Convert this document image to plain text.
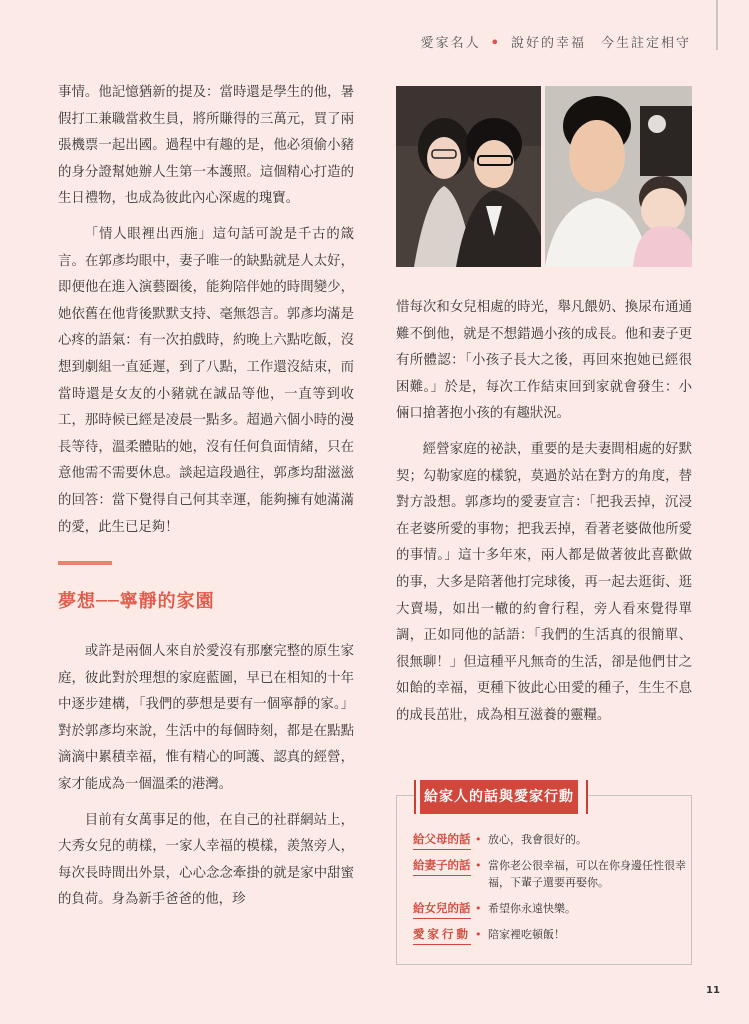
愛家名人 • 說好的幸福　今生註定相守

事情。他記憶猶新的提及：當時還是學生的他，暑假打工兼職當救生員，將所賺得的三萬元，買了兩張機票一起出國。過程中有趣的是，他必須偷小豬的身分證幫她辦人生第一本護照。這個精心打造的生日禮物，也成為彼此內心深處的瑰寶。

「情人眼裡出西施」這句話可說是千古的箴言。在郭彥均眼中，妻子唯一的缺點就是人太好，即便他在進入演藝圈後，能夠陪伴她的時間變少，她依舊在他背後默默支持、毫無怨言。郭彥均滿是心疼的語氣：有一次拍戲時，約晚上六點吃飯，沒想到劇組一直延遲，到了八點，工作還沒結束，而當時還是女友的小豬就在誠品等他，一直等到收工，那時候已經是凌晨一點多。超過六個小時的漫長等待，溫柔體貼的她，沒有任何負面情緒，只在意他需不需要休息。談起這段過往，郭彥均甜滋滋的回答：當下覺得自己何其幸運，能夠擁有她滿滿的愛，此生已足夠！

夢想──寧靜的家園

或許是兩個人來自於愛沒有那麼完整的原生家庭，彼此對於理想的家庭藍圖，早已在相知的十年中逐步建構，「我們的夢想是要有一個寧靜的家。」對於郭彥均來說，生活中的每個時刻，都是在點點滴滴中累積幸福，惟有精心的呵護、認真的經營，家才能成為一個溫柔的港灣。

目前有女萬事足的他，在自己的社群網站上，大秀女兒的萌樣，一家人幸福的模樣，羨煞旁人，每次長時間出外景，心心念念牽掛的就是家中甜蜜的負荷。身為新手爸爸的他，珍

惜每次和女兒相處的時光，舉凡餵奶、換尿布通通難不倒他，就是不想錯過小孩的成長。他和妻子更有所體認：「小孩子長大之後，再回來抱她已經很困難。」於是，每次工作結束回到家就會發生：小倆口搶著抱小孩的有趣狀況。

經營家庭的祕訣，重要的是夫妻間相處的好默契；勾勒家庭的樣貌，莫過於站在對方的角度，替對方設想。郭彥均的愛妻宣言：「把我丟掉，沉浸在老婆所愛的事物；把我丟掉，看著老婆做他所愛的事情。」這十多年來，兩人都是做著彼此喜歡做的事，大多是陪著他打完球後，再一起去逛街、逛大賣場，如出一轍的約會行程，旁人看來覺得單調，正如同他的話語：「我們的生活真的很簡單、很無聊！」但這種平凡無奇的生活，卻是他們甘之如飴的幸福，更種下彼此心田愛的種子，生生不息的成長茁壯，成為相互滋養的靈糧。

給家人的話與愛家行動
給父母的話 • 放心，我會很好的。
給妻子的話 • 當你老公很幸福，可以在你身邊任性很幸福，下輩子還要再娶你。
給女兒的話 • 希望你永遠快樂。
愛家行動 • 陪家裡吃頓飯！
11
